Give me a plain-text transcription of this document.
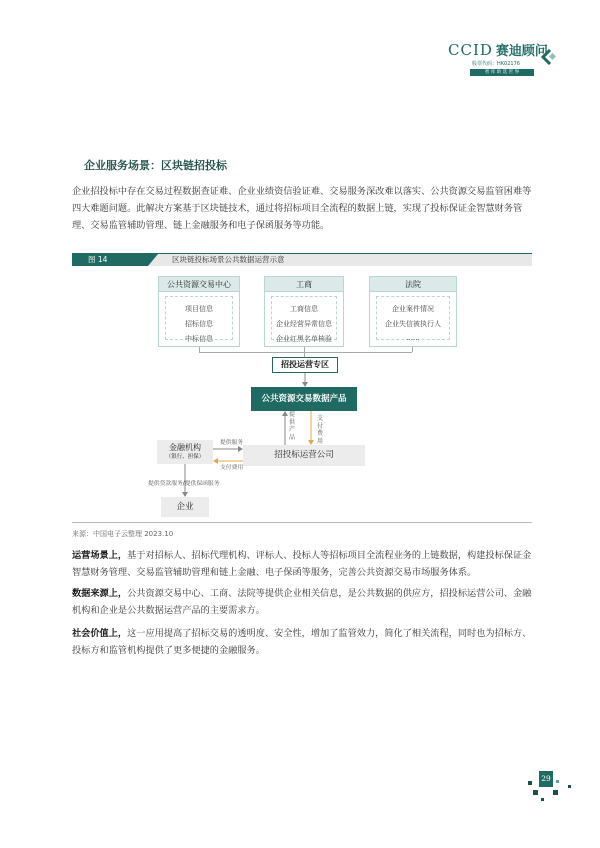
CCID 赛迪顾问
股票代码：HK02176
智 库 助 选 世 界
企业服务场景：区块链招投标
企业招投标中存在交易过程数据查证难、企业业绩资信验证难、交易服务深改难以落实、公共资源交易监管困难等四大难题问题。此解决方案基于区块链技术，通过将招标项目全流程的数据上链，实现了投标保证金智慧财务管理、交易监管辅助管理、链上金融服务和电子保函服务等功能。
图 14	区块链投标场景公共数据运营示意
公共资源交易中心
项目信息
招标信息
中标信息
工商
工商信息
企业经营异常信息
企业红黑名单核验
法院
企业案件情况
企业失信被执行人
......
招投运营专区
公共资源交易数据产品
提供产品
支付费用
招投标运营公司
金融机构
（银行、担保）
提供服务
支付费用
提供贷款服务/提供保函服务
企业
来源：中国电子云整理 2023.10
运营场景上，基于对招标人、招标代理机构、评标人、投标人等招标项目全流程业务的上链数据，构建投标保证金智慧财务管理、交易监管辅助管理和链上金融、电子保函等服务，完善公共资源交易市场服务体系。
数据来源上，公共资源交易中心、工商、法院等提供企业相关信息，是公共数据的供应方，招投标运营公司、金融机构和企业是公共数据运营产品的主要需求方。
社会价值上，这一应用提高了招标交易的透明度、安全性，增加了监管效力，简化了相关流程，同时也为招标方、投标方和监管机构提供了更多便捷的金融服务。
29
